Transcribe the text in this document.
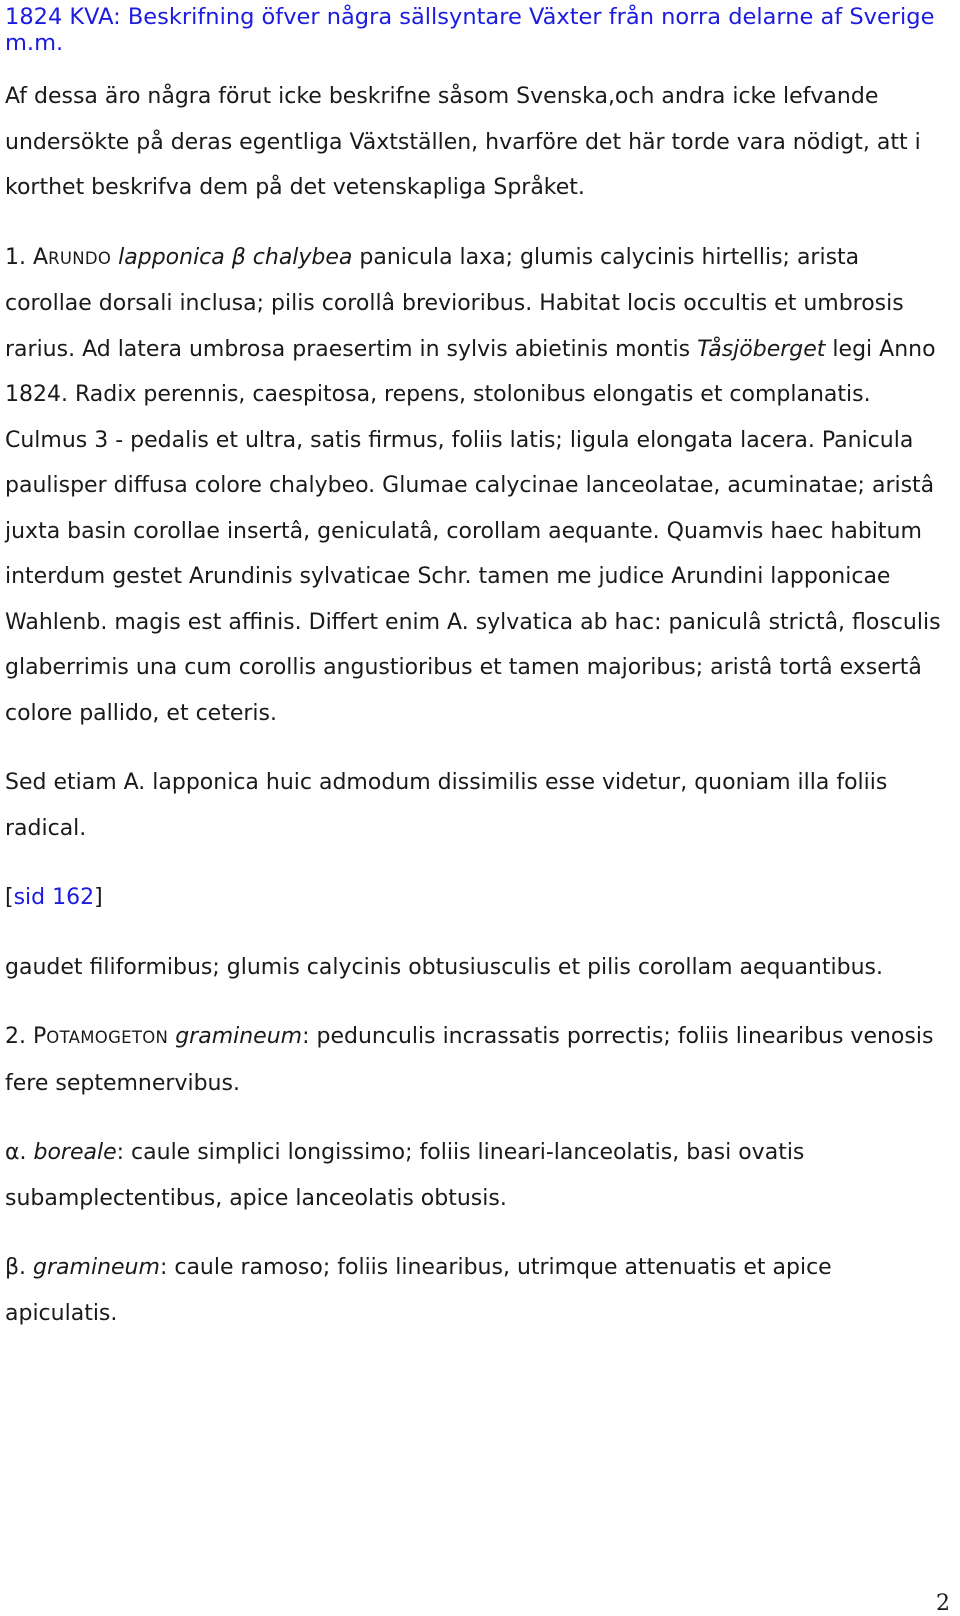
1824 KVA: Beskrifning öfver några sällsyntare Växter från norra delarne af Sverige m.m.

Af dessa äro några förut icke beskrifne såsom Svenska,och andra icke lefvande undersökte på deras egentliga Växtställen, hvarföre det här torde vara nödigt, att i korthet beskrifva dem på det vetenskapliga Språket.

1. ARUNDO lapponica β chalybea panicula laxa; glumis calycinis hirtellis; arista corollae dorsali inclusa; pilis corollâ brevioribus. Habitat locis occultis et umbrosis rarius. Ad latera umbrosa praesertim in sylvis abietinis montis Tåsjöberget legi Anno 1824. Radix perennis, caespitosa, repens, stolonibus elongatis et complanatis. Culmus 3 - pedalis et ultra, satis firmus, foliis latis; ligula elongata lacera. Panicula paulisper diffusa colore chalybeo. Glumae calycinae lanceolatae, acuminatae; aristâ juxta basin corollae insertâ, geniculatâ, corollam aequante. Quamvis haec habitum interdum gestet Arundinis sylvaticae Schr. tamen me judice Arundini lapponicae Wahlenb. magis est affinis. Differt enim A. sylvatica ab hac: paniculâ strictâ, flosculis glaberrimis una cum corollis angustioribus et tamen majoribus; aristâ tortâ exsertâ colore pallido, et ceteris.

Sed etiam A. lapponica huic admodum dissimilis esse videtur, quoniam illa foliis radical.

[sid 162]

gaudet filiformibus; glumis calycinis obtusiusculis et pilis corollam aequantibus.

2. POTAMOGETON gramineum: pedunculis incrassatis porrectis; foliis linearibus venosis fere septemnervibus.

α. boreale: caule simplici longissimo; foliis lineari-lanceolatis, basi ovatis subamplectentibus, apice lanceolatis obtusis.

β. gramineum: caule ramoso; foliis linearibus, utrimque attenuatis et apice apiculatis.

2
